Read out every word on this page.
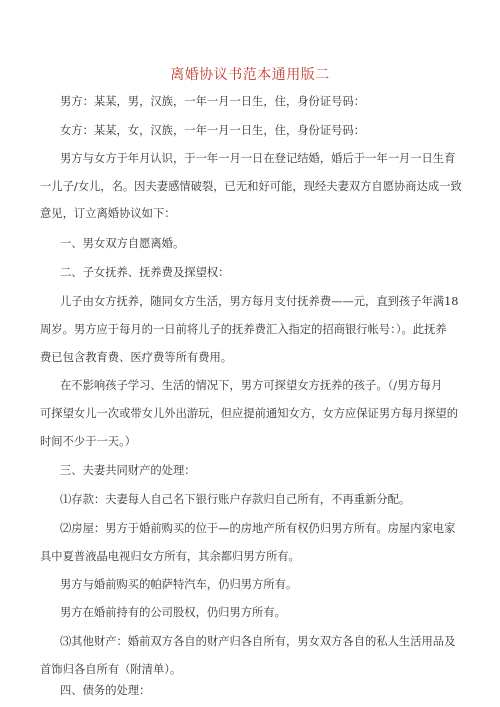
离婚协议书范本通用版二
男方：某某，男，汉族，一年一月一日生，住，身份证号码：
女方：某某，女，汉族，一年一月一日生，住，身份证号码：
男方与女方于年月认识，于一年一月一日在登记结婚，婚后于一年一月一日生育
一儿子/女儿，名。因夫妻感情破裂，已无和好可能，现经夫妻双方自愿协商达成一致
意见，订立离婚协议如下：
一、男女双方自愿离婚。
二、子女抚养、抚养费及探望权：
儿子由女方抚养，随同女方生活，男方每月支付抚养费——元，直到孩子年满18
周岁。男方应于每月的一日前将儿子的抚养费汇入指定的招商银行帐号：）。此抚养
费已包含教育费、医疗费等所有费用。
在不影响孩子学习、生活的情况下，男方可探望女方抚养的孩子。（/男方每月
可探望女儿一次或带女儿外出游玩，但应提前通知女方，女方应保证男方每月探望的
时间不少于一天。）
三、夫妻共同财产的处理：
⑴存款：夫妻每人自己名下银行账户存款归自己所有，不再重新分配。
⑵房屋：男方于婚前购买的位于—的房地产所有权仍归男方所有。房屋内家电家
具中夏普液晶电视归女方所有，其余都归男方所有。
男方与婚前购买的帕萨特汽车，仍归男方所有。
男方在婚前持有的公司股权，仍归男方所有。
⑶其他财产：婚前双方各自的财产归各自所有，男女双方各自的私人生活用品及
首饰归各自所有（附清单）。
四、债务的处理：
